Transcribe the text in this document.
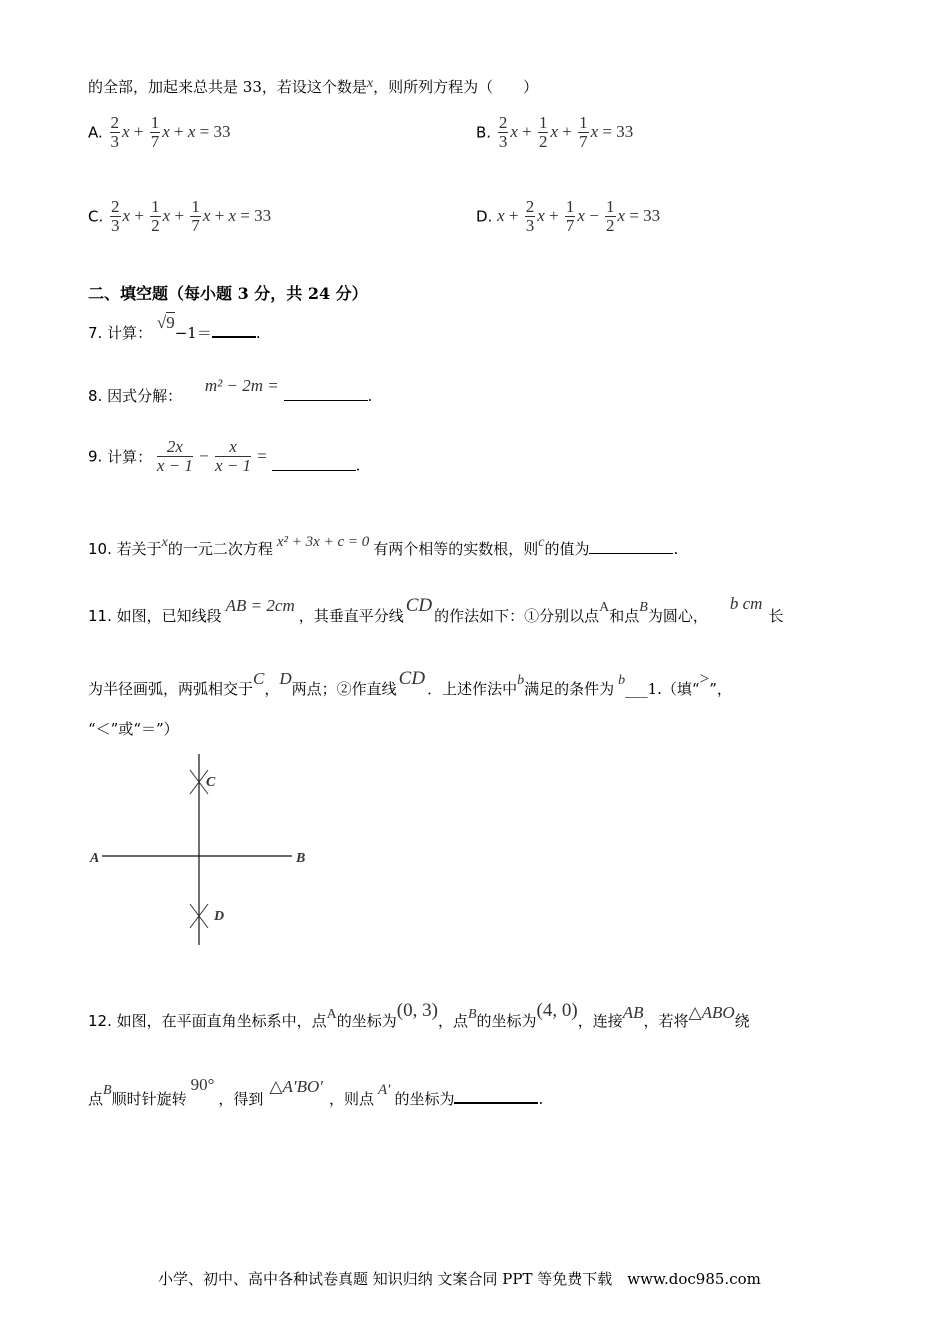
的全部，加起来总共是 33，若设这个数是x，则所列方程为（　　）
A. $\frac{2}{3}$ $x + \frac{1}{7}$ x + x = 33	B. $\frac{2}{3}$ $x + \frac{1}{2}$ $x + \frac{1}{7}$ x = 33
C. $\frac{2}{3}$ $x + \frac{1}{2}$ $x + \frac{1}{7}$ x + x = 33	D. $x + \frac{2}{3}$ $x + \frac{1}{7}$ $x - \frac{1}{2}$ x = 33
二、填空题（每小题 3 分，共 24 分）
7. 计算： √9−1＝	.
8. 因式分解： m² − 2m = .
9. 计算： $\frac{2x}{x - 1} - \frac{x}{x - 1}$ =	.
10. 若关于x的一元二次方程 x² + 3x + c = 0 有两个相等的实数根，则c的值为	.
11. 如图，已知线段AB = 2cm，其垂直平分线 CD 的作法如下：①分别以点A和点B为圆心，b cm长
为半径画弧，两弧相交于C，D两点；②作直线 CD ．上述作法中b满足的条件为 b___1.（填“>”，
“＜”或“＝”）
A	B
C
D
12. 如图，在平面直角坐标系中，点A的坐标为(0, 3)，点B的坐标为(4, 0)，连接AB，若将△ABO绕
点B顺时针旋转90°，得到△A′BO′，则点 A′ 的坐标为	.
小学、初中、高中各种试卷真题 知识归纳 文案合同 PPT 等免费下载　www.doc985.com
